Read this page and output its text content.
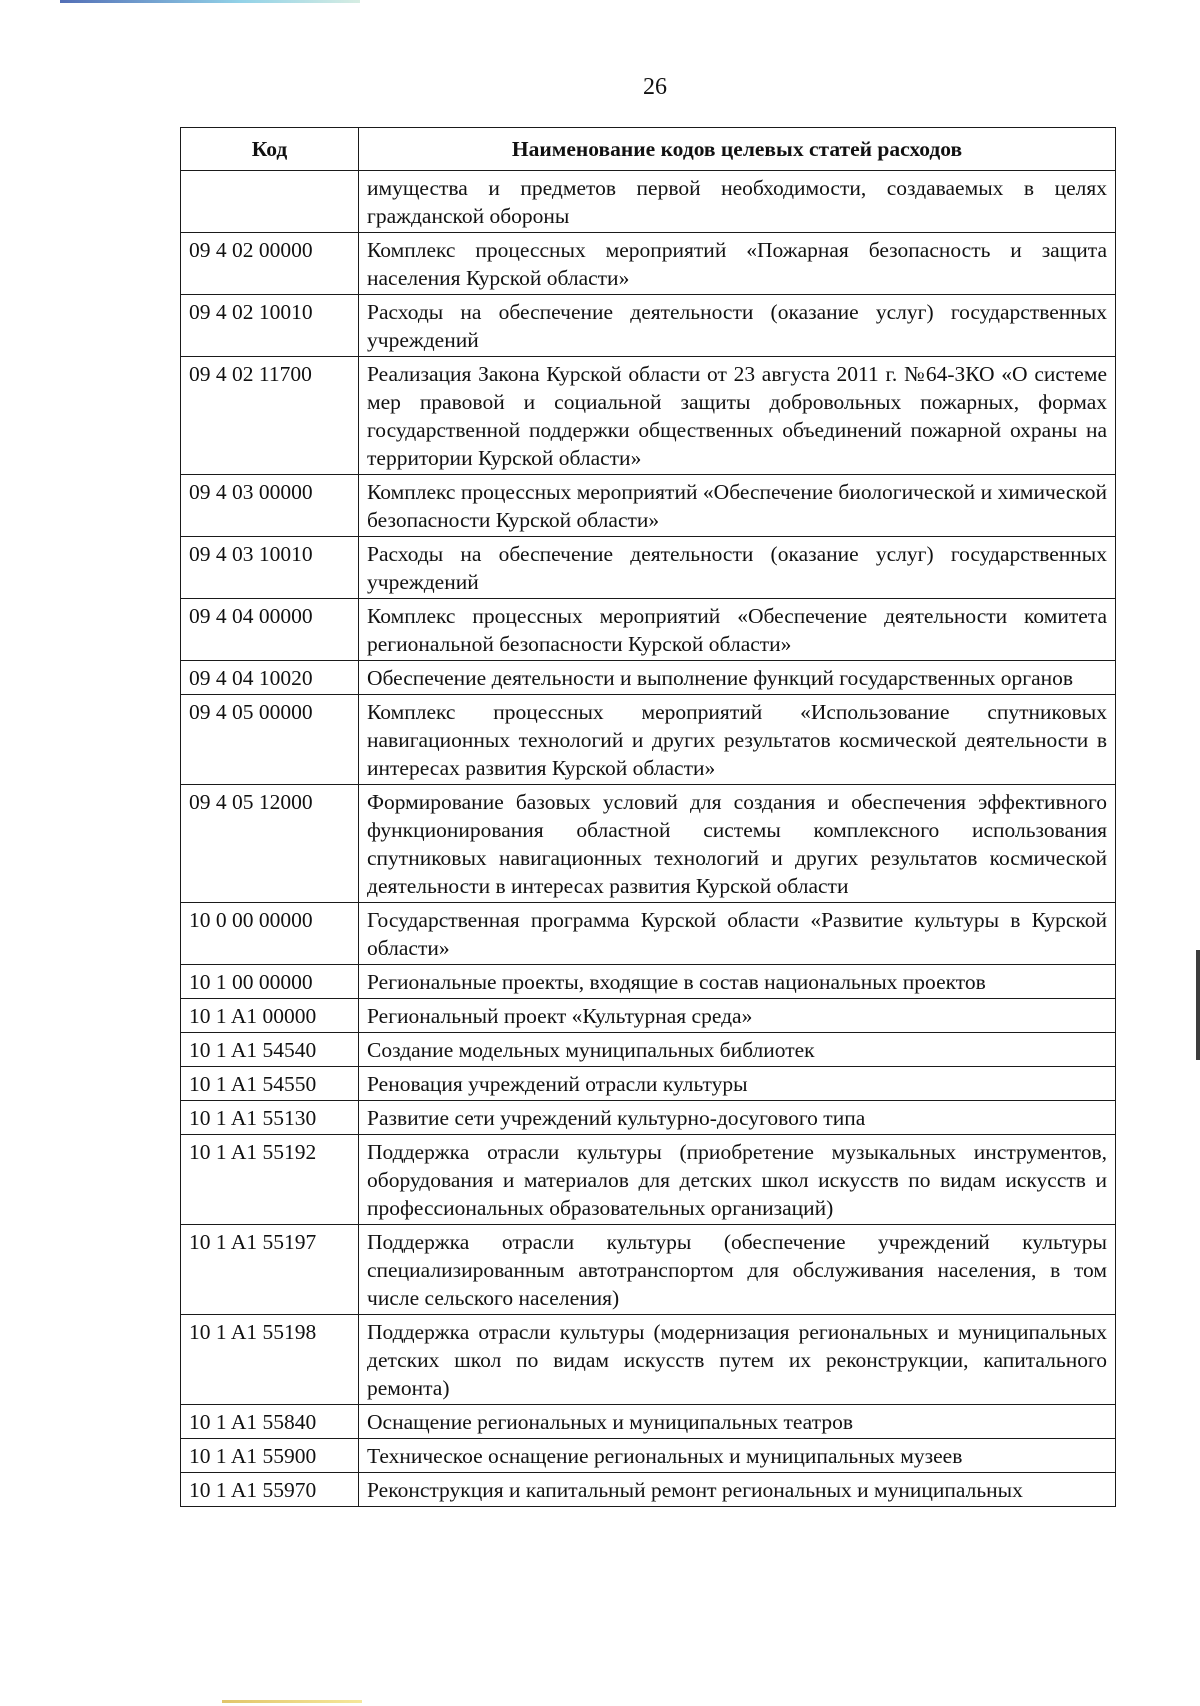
26
Код	Наименование кодов целевых статей расходов
	имущества и предметов первой необходимости, создаваемых в целях гражданской обороны
09 4 02 00000	Комплекс процессных мероприятий «Пожарная безопасность и защита населения Курской области»
09 4 02 10010	Расходы на обеспечение деятельности (оказание услуг) государственных учреждений
09 4 02 11700	Реализация Закона Курской области от 23 августа 2011 г. №64-ЗКО «О системе мер правовой и социальной защиты добровольных пожарных, формах государственной поддержки общественных объединений пожарной охраны на территории Курской области»
09 4 03 00000	Комплекс процессных мероприятий «Обеспечение биологической и химической безопасности Курской области»
09 4 03 10010	Расходы на обеспечение деятельности (оказание услуг) государственных учреждений
09 4 04 00000	Комплекс процессных мероприятий «Обеспечение деятельности комитета региональной безопасности Курской области»
09 4 04 10020	Обеспечение деятельности и выполнение функций государственных органов
09 4 05 00000	Комплекс процессных мероприятий «Использование спутниковых навигационных технологий и других результатов космической деятельности в интересах развития Курской области»
09 4 05 12000	Формирование базовых условий для создания и обеспечения эффективного функционирования областной системы комплексного использования спутниковых навигационных технологий и других результатов космической деятельности в интересах развития Курской области
10 0 00 00000	Государственная программа Курской области «Развитие культуры в Курской области»
10 1 00 00000	Региональные проекты, входящие в состав национальных проектов
10 1 A1 00000	Региональный проект «Культурная среда»
10 1 A1 54540	Создание модельных муниципальных библиотек
10 1 A1 54550	Реновация учреждений отрасли культуры
10 1 A1 55130	Развитие сети учреждений культурно-досугового типа
10 1 A1 55192	Поддержка отрасли культуры (приобретение музыкальных инструментов, оборудования и материалов для детских школ искусств по видам искусств и профессиональных образовательных организаций)
10 1 A1 55197	Поддержка отрасли культуры (обеспечение учреждений культуры специализированным автотранспортом для обслуживания населения, в том числе сельского населения)
10 1 A1 55198	Поддержка отрасли культуры (модернизация региональных и муниципальных детских школ по видам искусств путем их реконструкции, капитального ремонта)
10 1 A1 55840	Оснащение региональных и муниципальных театров
10 1 A1 55900	Техническое оснащение региональных и муниципальных музеев
10 1 A1 55970	Реконструкция и капитальный ремонт региональных и муниципальных
